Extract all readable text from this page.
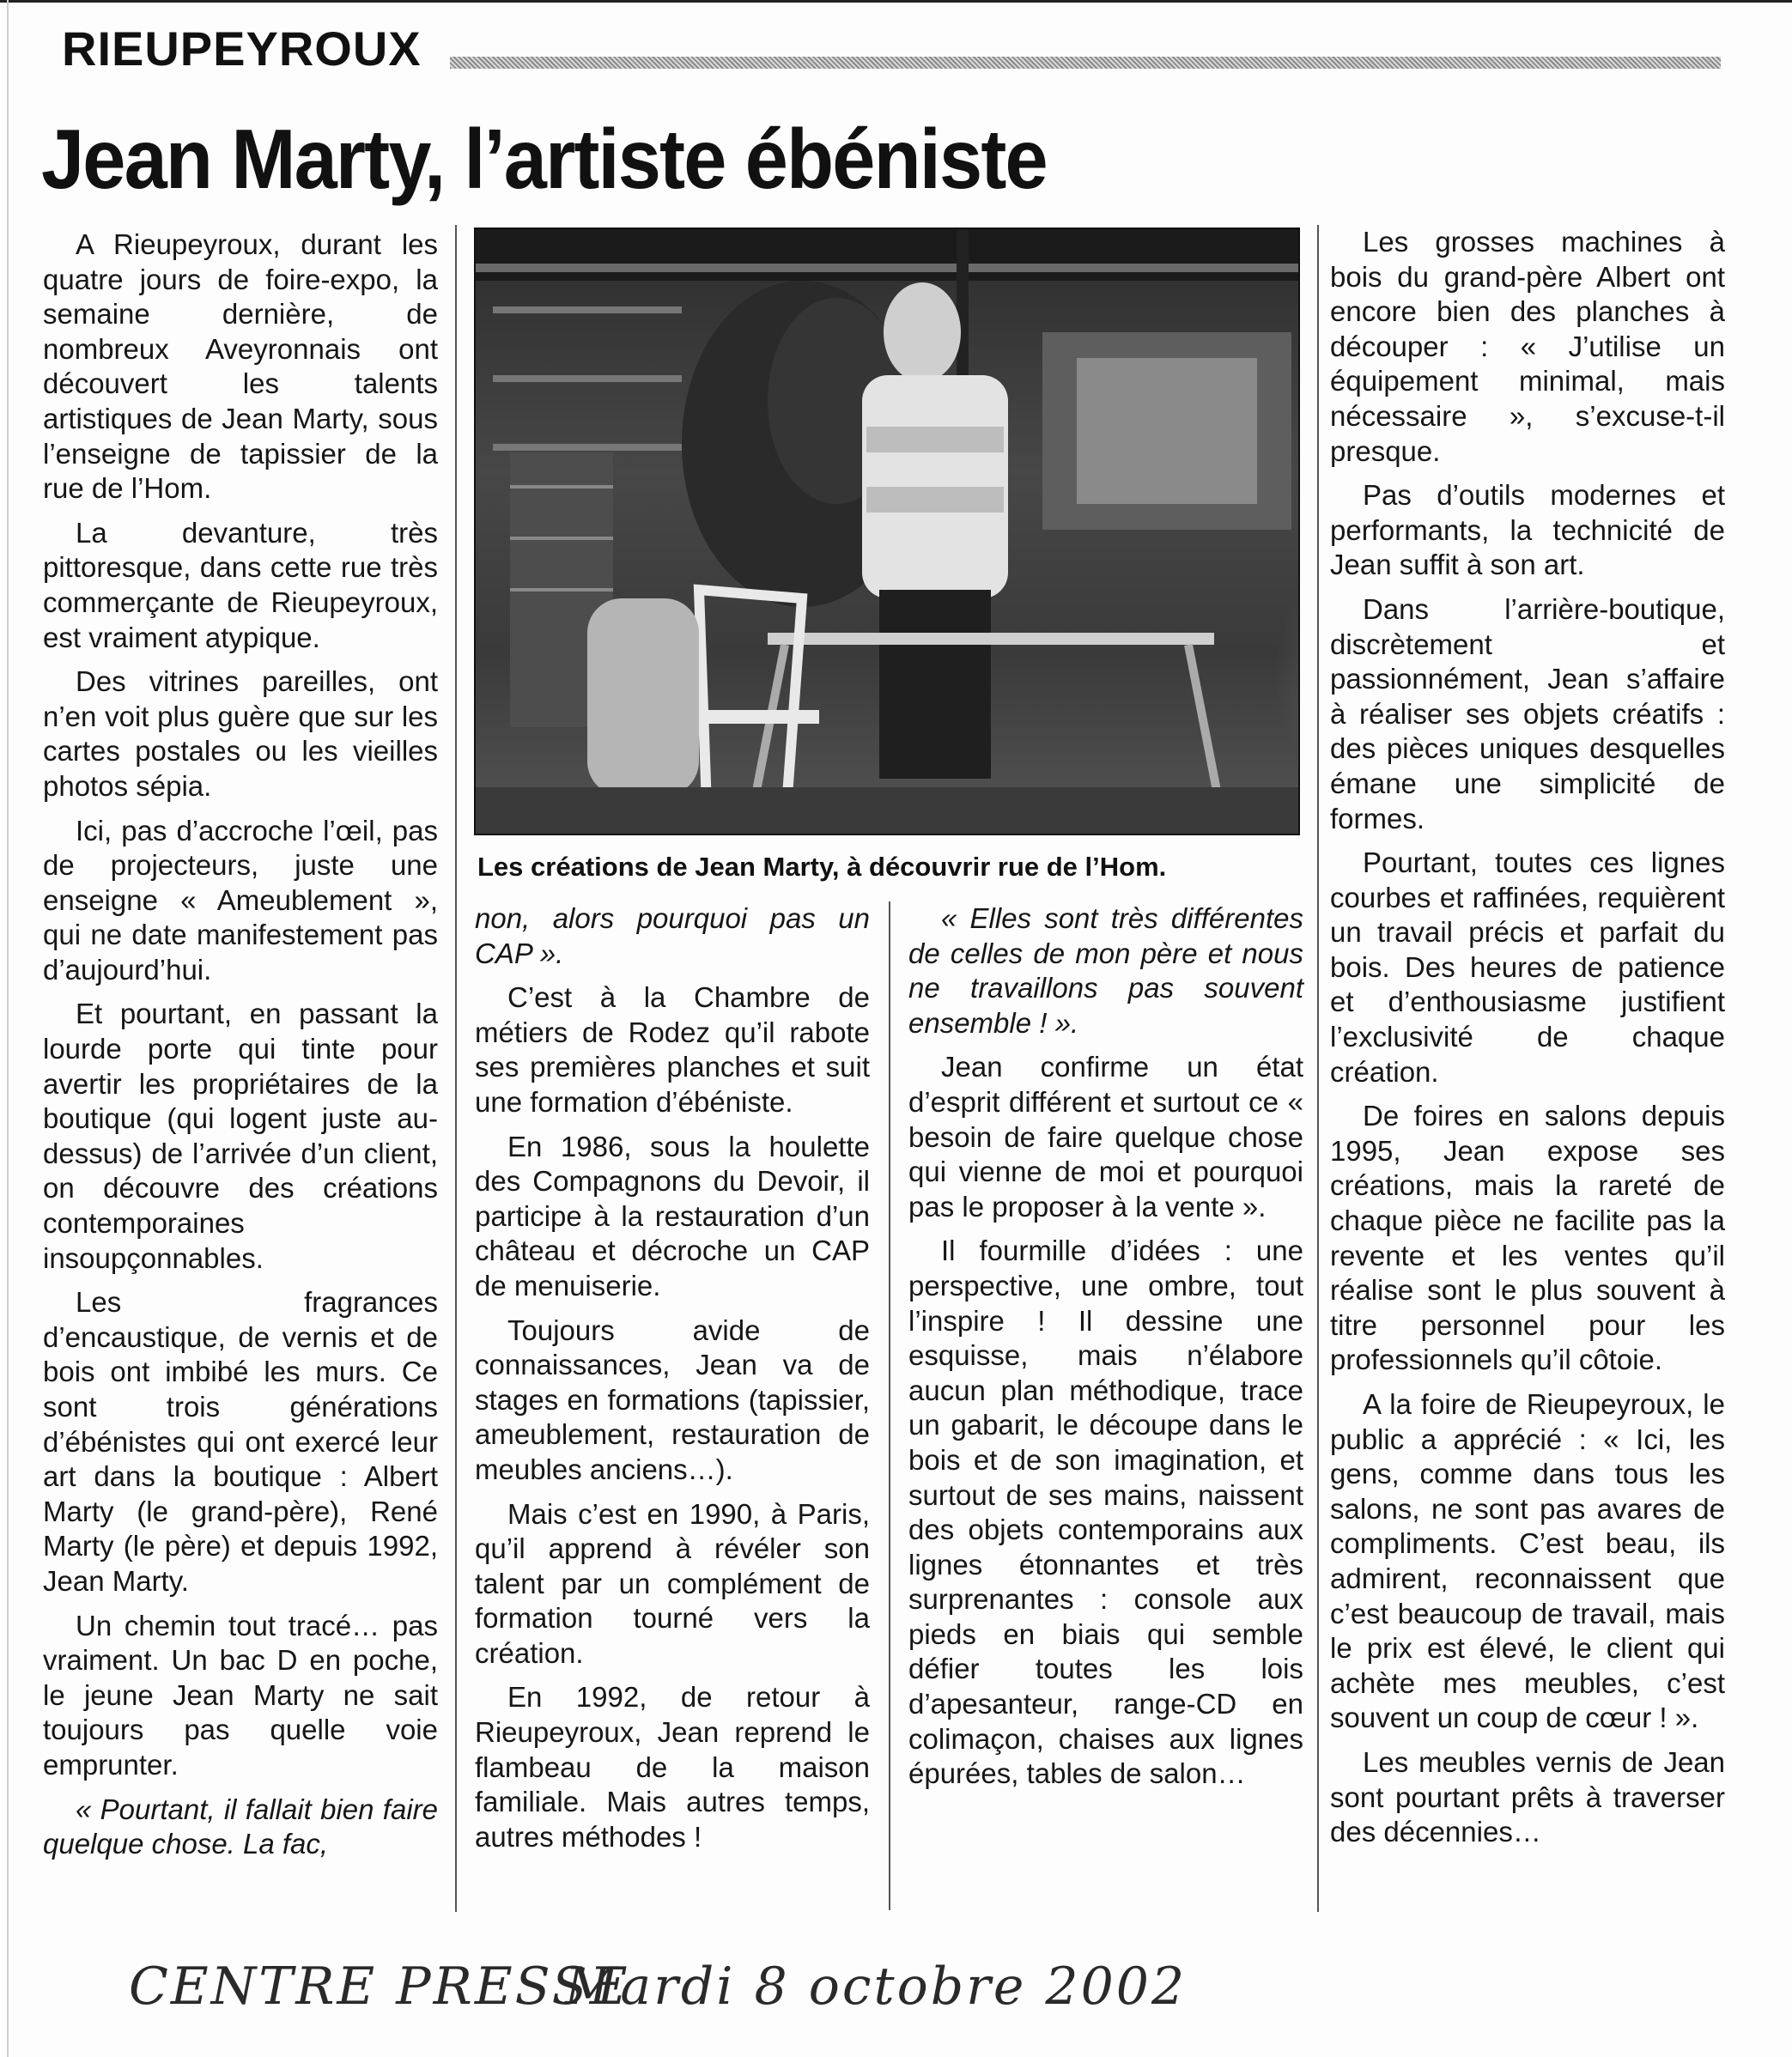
RIEUPEYROUX
Jean Marty, l’artiste ébéniste
Les créations de Jean Marty, à découvrir rue de l’Hom.

A Rieupeyroux, durant les quatre jours de foire-expo, la semaine dernière, de nombreux Aveyronnais ont découvert les talents artistiques de Jean Marty, sous l’enseigne de tapissier de la rue de l’Hom.

La devanture, très pittoresque, dans cette rue très commerçante de Rieupeyroux, est vraiment atypique.

Des vitrines pareilles, ont n’en voit plus guère que sur les cartes postales ou les vieilles photos sépia.

Ici, pas d’accroche l’œil, pas de projecteurs, juste une enseigne « Ameublement », qui ne date manifestement pas d’aujourd’hui.

Et pourtant, en passant la lourde porte qui tinte pour avertir les propriétaires de la boutique (qui logent juste au-dessus) de l’arrivée d’un client, on découvre des créations contemporaines insoupçonnables.

Les fragrances d’encaustique, de vernis et de bois ont imbibé les murs. Ce sont trois générations d’ébénistes qui ont exercé leur art dans la boutique : Albert Marty (le grand-père), René Marty (le père) et depuis 1992, Jean Marty.

Un chemin tout tracé… pas vraiment. Un bac D en poche, le jeune Jean Marty ne sait toujours pas quelle voie emprunter.

« Pourtant, il fallait bien faire quelque chose. La fac,

non, alors pourquoi pas un CAP ».

C’est à la Chambre de métiers de Rodez qu’il rabote ses premières planches et suit une formation d’ébéniste.

En 1986, sous la houlette des Compagnons du Devoir, il participe à la restauration d’un château et décroche un CAP de menuiserie.

Toujours avide de connaissances, Jean va de stages en formations (tapissier, ameublement, restauration de meubles anciens…).

Mais c’est en 1990, à Paris, qu’il apprend à révéler son talent par un complément de formation tourné vers la création.

En 1992, de retour à Rieupeyroux, Jean reprend le flambeau de la maison familiale. Mais autres temps, autres méthodes !

« Elles sont très différentes de celles de mon père et nous ne travaillons pas souvent ensemble ! ».

Jean confirme un état d’esprit différent et surtout ce « besoin de faire quelque chose qui vienne de moi et pourquoi pas le proposer à la vente ».

Il fourmille d’idées : une perspective, une ombre, tout l’inspire ! Il dessine une esquisse, mais n’élabore aucun plan méthodique, trace un gabarit, le découpe dans le bois et de son imagination, et surtout de ses mains, naissent des objets contemporains aux lignes étonnantes et très surprenantes : console aux pieds en biais qui semble défier toutes les lois d’apesanteur, range-CD en colimaçon, chaises aux lignes épurées, tables de salon…

Les grosses machines à bois du grand-père Albert ont encore bien des planches à découper : « J’utilise un équipement minimal, mais nécessaire », s’excuse-t-il presque.

Pas d’outils modernes et performants, la technicité de Jean suffit à son art.

Dans l’arrière-boutique, discrètement et passionnément, Jean s’affaire à réaliser ses objets créatifs : des pièces uniques desquelles émane une simplicité de formes.

Pourtant, toutes ces lignes courbes et raffinées, requièrent un travail précis et parfait du bois. Des heures de patience et d’enthousiasme justifient l’exclusivité de chaque création.

De foires en salons depuis 1995, Jean expose ses créations, mais la rareté de chaque pièce ne facilite pas la revente et les ventes qu’il réalise sont le plus souvent à titre personnel pour les professionnels qu’il côtoie.

A la foire de Rieupeyroux, le public a apprécié : « Ici, les gens, comme dans tous les salons, ne sont pas avares de compliments. C’est beau, ils admirent, reconnaissent que c’est beaucoup de travail, mais le prix est élevé, le client qui achète mes meubles, c’est souvent un coup de cœur ! ».

Les meubles vernis de Jean sont pourtant prêts à traverser des décennies…

CENTRE PRESSE
Mardi 8 octobre 2002
